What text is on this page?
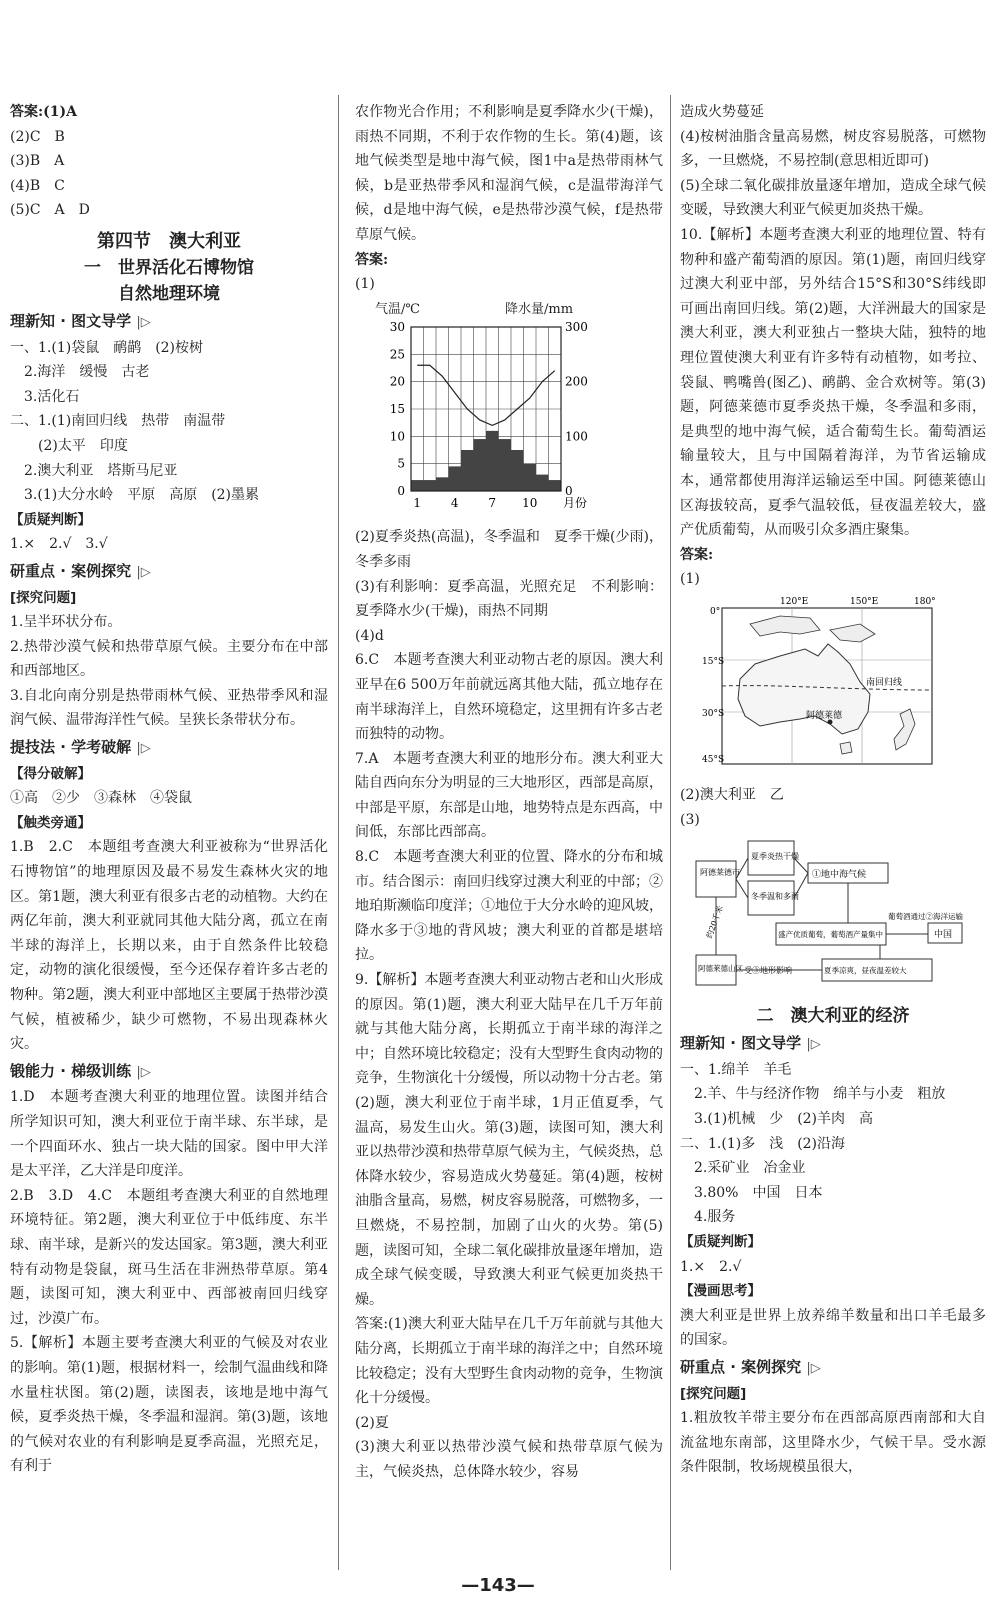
答案:(1)A
(2)C　B
(3)B　A
(4)B　C
(5)C　A　D
第四节　澳大利亚
一　世界活化石博物馆
自然地理环境
理新知 · 图文导学 |▷
一、1.(1)袋鼠　鸸鹋　(2)桉树
2.海洋　缓慢　古老
3.活化石
二、1.(1)南回归线　热带　南温带
(2)太平　印度
2.澳大利亚　塔斯马尼亚
3.(1)大分水岭　平原　高原　(2)墨累
【质疑判断】
1.×　2.√　3.√
研重点 · 案例探究 |▷
[探究问题]
1.呈半环状分布。
2.热带沙漠气候和热带草原气候。主要分布在中部和西部地区。
3.自北向南分别是热带雨林气候、亚热带季风和湿润气候、温带海洋性气候。呈狭长条带状分布。
提技法 · 学考破解 |▷
【得分破解】
①高　②少　③森林　④袋鼠
【触类旁通】
1.B　2.C　本题组考查澳大利亚被称为“世界活化石博物馆”的地理原因及最不易发生森林火灾的地区。第1题，澳大利亚有很多古老的动植物。大约在两亿年前，澳大利亚就同其他大陆分离，孤立在南半球的海洋上，长期以来，由于自然条件比较稳定，动物的演化很缓慢，至今还保存着许多古老的物种。第2题，澳大利亚中部地区主要属于热带沙漠气候，植被稀少，缺少可燃物，不易出现森林火灾。
锻能力 · 梯级训练 |▷
1.D　本题考查澳大利亚的地理位置。读图并结合所学知识可知，澳大利亚位于南半球、东半球，是一个四面环水、独占一块大陆的国家。图中甲大洋是太平洋，乙大洋是印度洋。
2.B　3.D　4.C　本题组考查澳大利亚的自然地理环境特征。第2题，澳大利亚位于中低纬度、东半球、南半球，是新兴的发达国家。第3题，澳大利亚特有动物是袋鼠，斑马生活在非洲热带草原。第4题，读图可知，澳大利亚中、西部被南回归线穿过，沙漠广布。
5.【解析】本题主要考查澳大利亚的气候及对农业的影响。第(1)题，根据材料一，绘制气温曲线和降水量柱状图。第(2)题，读图表，该地是地中海气候，夏季炎热干燥，冬季温和湿润。第(3)题，该地的气候对农业的有利影响是夏季高温，光照充足，有利于
农作物光合作用；不利影响是夏季降水少(干燥)，雨热不同期，不利于农作物的生长。第(4)题，该地气候类型是地中海气候，图1中a是热带雨林气候，b是亚热带季风和湿润气候，c是温带海洋气候，d是地中海气候，e是热带沙漠气候，f是热带草原气候。
答案:
(1)
气温/℃	降水量/mm
0
5
10
15
20
25
30
0
100
200
300
1 4 7 10 月份
(2)夏季炎热(高温)，冬季温和　夏季干燥(少雨)，冬季多雨
(3)有利影响：夏季高温，光照充足　不利影响：夏季降水少(干燥)，雨热不同期
(4)d
6.C　本题考查澳大利亚动物古老的原因。澳大利亚早在6 500万年前就远离其他大陆，孤立地存在南半球海洋上，自然环境稳定，这里拥有许多古老而独特的动物。
7.A　本题考查澳大利亚的地形分布。澳大利亚大陆自西向东分为明显的三大地形区，西部是高原，中部是平原，东部是山地，地势特点是东西高，中间低，东部比西部高。
8.C　本题考查澳大利亚的位置、降水的分布和城市。结合图示：南回归线穿过澳大利亚的中部；②地珀斯濒临印度洋；①地位于大分水岭的迎风坡，降水多于③地的背风坡；澳大利亚的首都是堪培拉。
9.【解析】本题考查澳大利亚动物古老和山火形成的原因。第(1)题，澳大利亚大陆早在几千万年前就与其他大陆分离，长期孤立于南半球的海洋之中；自然环境比较稳定；没有大型野生食肉动物的竞争，生物演化十分缓慢，所以动物十分古老。第(2)题，澳大利亚位于南半球，1月正值夏季，气温高，易发生山火。第(3)题，读图可知，澳大利亚以热带沙漠和热带草原气候为主，气候炎热，总体降水较少，容易造成火势蔓延。第(4)题，桉树油脂含量高，易燃，树皮容易脱落，可燃物多，一旦燃烧，不易控制，加剧了山火的火势。第(5)题，读图可知，全球二氧化碳排放量逐年增加，造成全球气候变暖，导致澳大利亚气候更加炎热干燥。
答案:(1)澳大利亚大陆早在几千万年前就与其他大陆分离，长期孤立于南半球的海洋之中；自然环境比较稳定；没有大型野生食肉动物的竞争，生物演化十分缓慢。
(2)夏
(3)澳大利亚以热带沙漠气候和热带草原气候为主，气候炎热，总体降水较少，容易
造成火势蔓延
(4)桉树油脂含量高易燃，树皮容易脱落，可燃物多，一旦燃烧，不易控制(意思相近即可)
(5)全球二氧化碳排放量逐年增加，造成全球气候变暖，导致澳大利亚气候更加炎热干燥。
10.【解析】本题考查澳大利亚的地理位置、特有物种和盛产葡萄酒的原因。第(1)题，南回归线穿过澳大利亚中部，另外结合15°S和30°S纬线即可画出南回归线。第(2)题，大洋洲最大的国家是澳大利亚，澳大利亚独占一整块大陆，独特的地理位置使澳大利亚有许多特有动植物，如考拉、袋鼠、鸭嘴兽(图乙)、鸸鹋、金合欢树等。第(3)题，阿德莱德市夏季炎热干燥，冬季温和多雨，是典型的地中海气候，适合葡萄生长。葡萄酒运输量较大，且与中国隔着海洋，为节省运输成本，通常都使用海洋运输运至中国。阿德莱德山区海拔较高，夏季气温较低，昼夜温差较大，盛产优质葡萄，从而吸引众多酒庄聚集。
答案:
(1)
120°E	150°E	180°
0°
15°S
30°S
45°S
南回归线
阿德莱德
(2)澳大利亚　乙
(3)
阿德莱德市
夏季炎热干燥
冬季温和多雨
①地中海气候
盛产优质葡萄，葡萄酒产量集中
葡萄酒通过②海洋运输
中国
约20千米
阿德莱德山区 受③地形影响	夏季凉爽，昼夜温差较大
二　澳大利亚的经济
理新知 · 图文导学 |▷
一、1.绵羊　羊毛
2.羊、牛与经济作物　绵羊与小麦　粗放
3.(1)机械　少　(2)羊肉　高
二、1.(1)多　浅　(2)沿海
2.采矿业　冶金业
3.80%　中国　日本
4.服务
【质疑判断】
1.×　2.√
【漫画思考】
澳大利亚是世界上放养绵羊数量和出口羊毛最多的国家。
研重点 · 案例探究 |▷
[探究问题]
1.粗放牧羊带主要分布在西部高原西南部和大自流盆地东南部，这里降水少，气候干旱。受水源条件限制，牧场规模虽很大，
—143—
